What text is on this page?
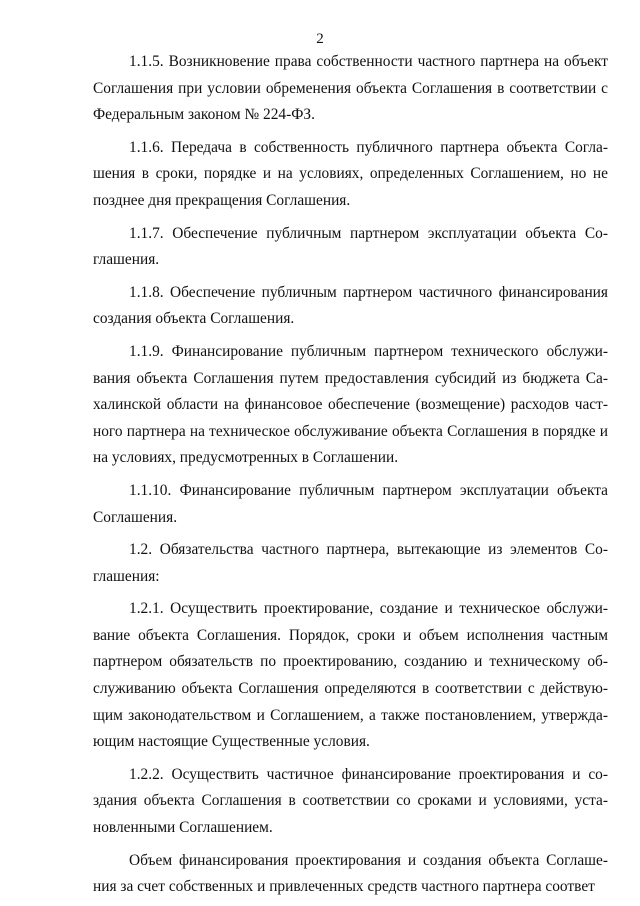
2

1.1.5. Возникновение права собственности частного партнера на объект Соглашения при условии обременения объекта Соглашения в соответствии с Федеральным законом № 224-ФЗ.

1.1.6. Передача в собственность публичного партнера объекта Соглашения в сроки, порядке и на условиях, определенных Соглашением, но не позднее дня прекращения Соглашения.

1.1.7. Обеспечение публичным партнером эксплуатации объекта Соглашения.

1.1.8. Обеспечение публичным партнером частичного финансирования создания объекта Соглашения.

1.1.9. Финансирование публичным партнером технического обслуживания объекта Соглашения путем предоставления субсидий из бюджета Сахалинской области на финансовое обеспечение (возмещение) расходов частного партнера на техническое обслуживание объекта Соглашения в порядке и на условиях, предусмотренных в Соглашении.

1.1.10. Финансирование публичным партнером эксплуатации объекта Соглашения.

1.2. Обязательства частного партнера, вытекающие из элементов Соглашения:

1.2.1. Осуществить проектирование, создание и техническое обслуживание объекта Соглашения. Порядок, сроки и объем исполнения частным партнером обязательств по проектированию, созданию и техническому обслуживанию объекта Соглашения определяются в соответствии с действующим законодательством и Соглашением, а также постановлением, утверждающим настоящие Существенные условия.

1.2.2. Осуществить частичное финансирование проектирования и создания объекта Соглашения в соответствии со сроками и условиями, установленными Соглашением.

Объем финансирования проектирования и создания объекта Соглашения за счет собственных и привлеченных средств частного партнера соответ
